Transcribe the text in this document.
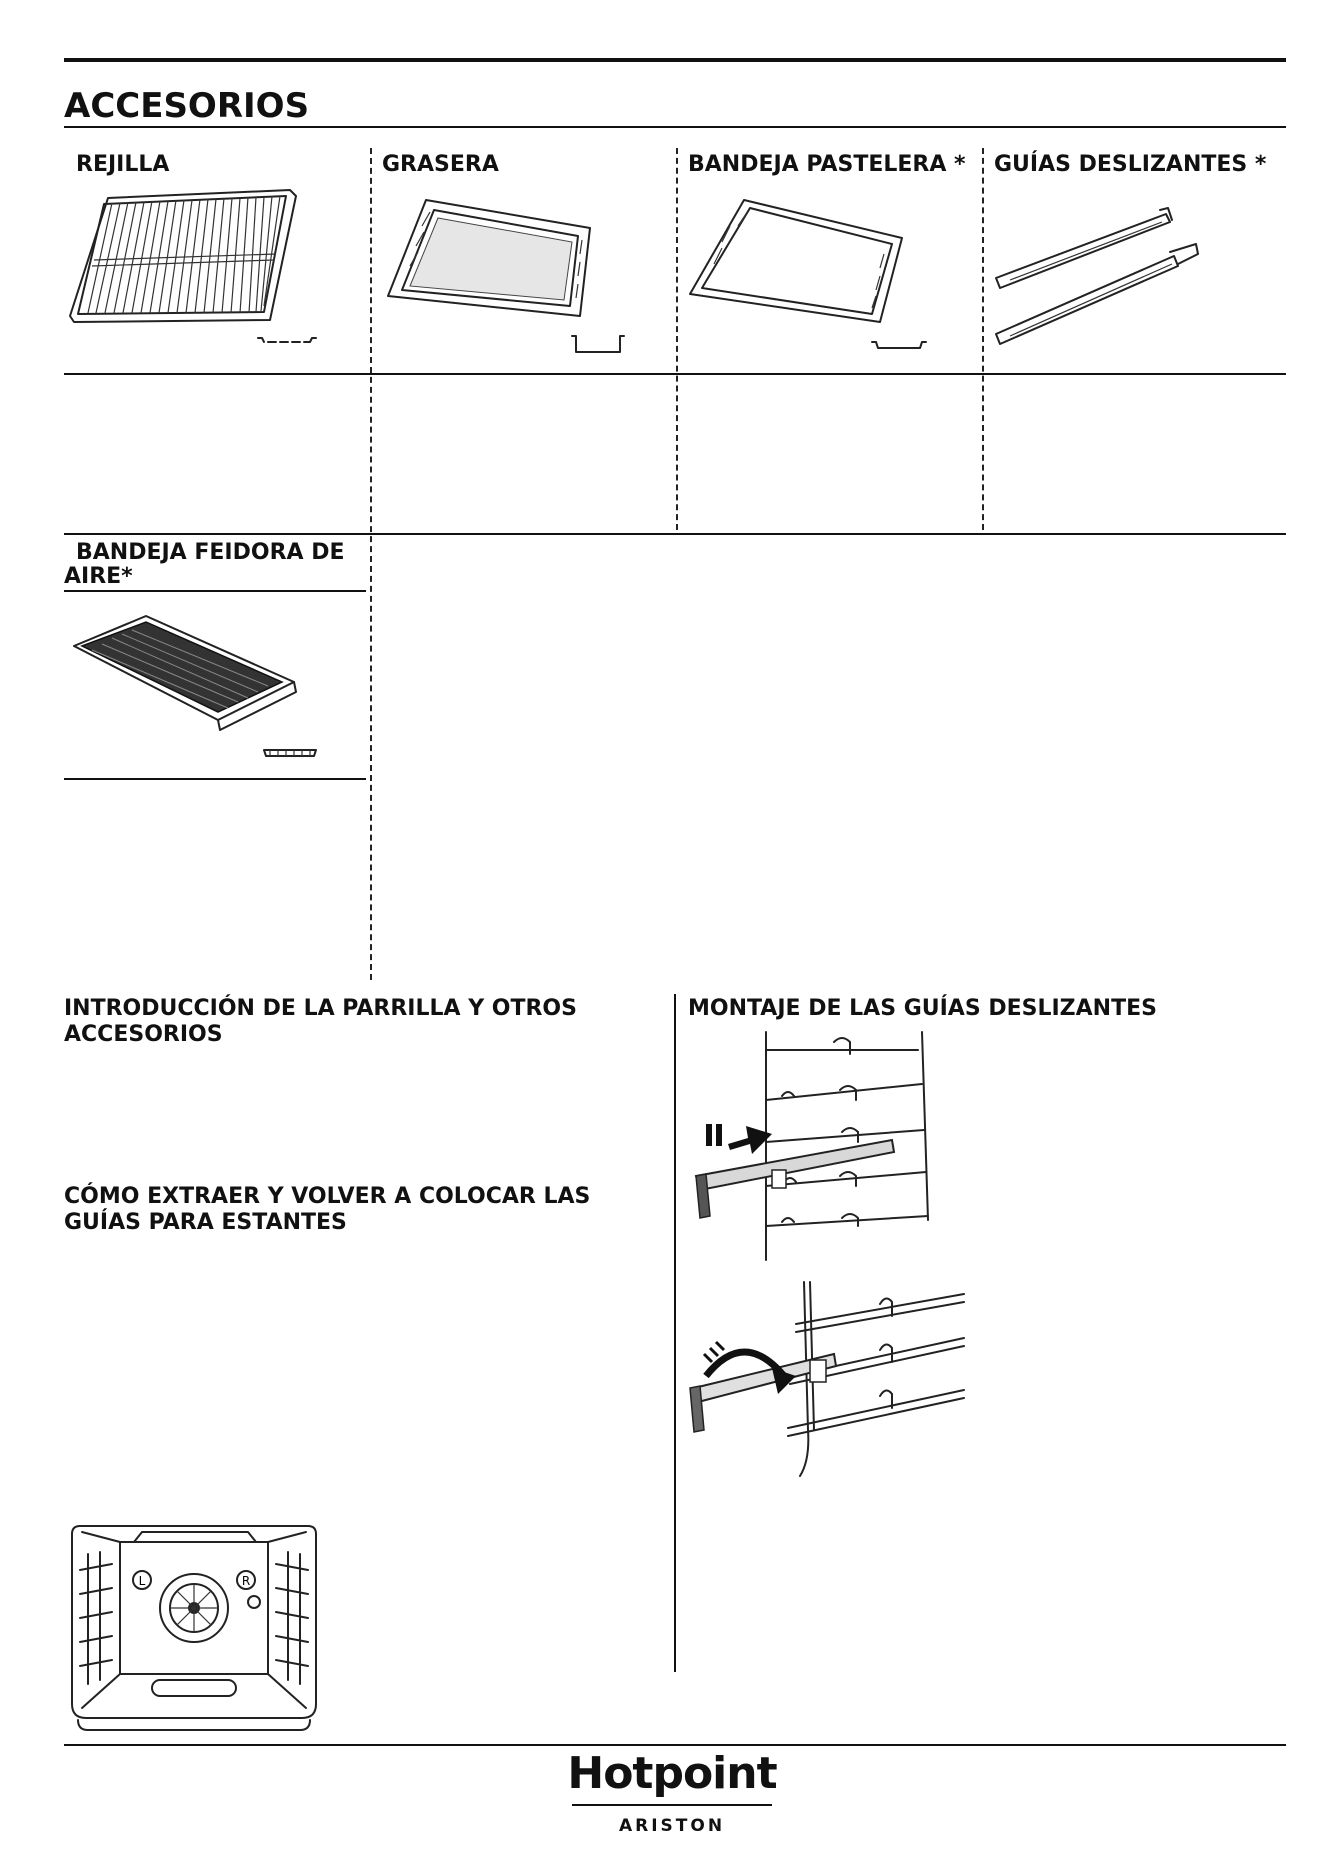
ACCESORIOS
REJILLA	GRASERA	BANDEJA PASTELERA * GUÍAS DESLIZANTES *
BANDEJA FEIDORA DE
AIRE*
INTRODUCCIÓN DE LA PARRILLA Y OTROS
ACCESORIOS
CÓMO EXTRAER Y VOLVER A COLOCAR LAS
GUÍAS PARA ESTANTES
MONTAJE DE LAS GUÍAS DESLIZANTES
L	R
Hotpoint
ARISTON
